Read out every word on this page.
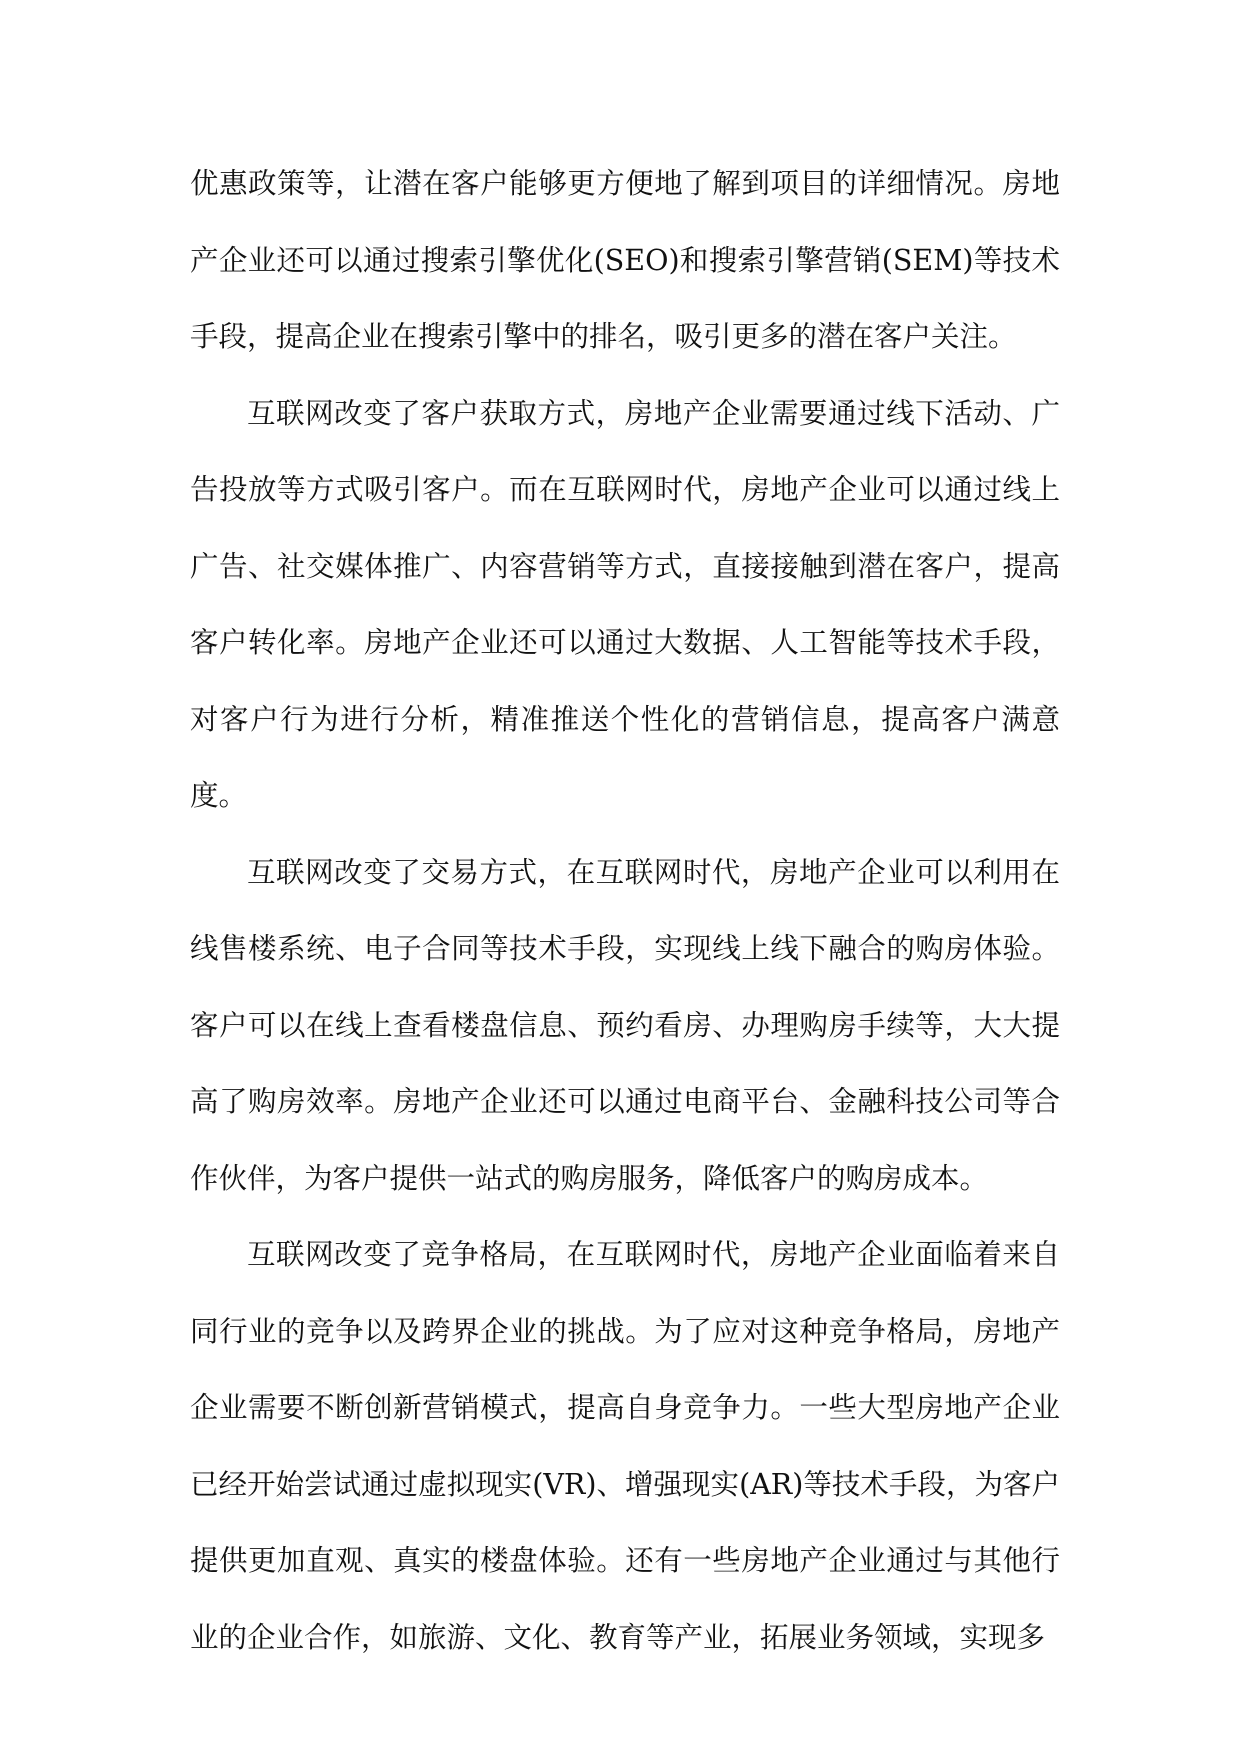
优惠政策等，让潜在客户能够更方便地了解到项目的详细情况。房地产企业还可以通过搜索引擎优化(SEO)和搜索引擎营销(SEM)等技术手段，提高企业在搜索引擎中的排名，吸引更多的潜在客户关注。

互联网改变了客户获取方式，房地产企业需要通过线下活动、广告投放等方式吸引客户。而在互联网时代，房地产企业可以通过线上广告、社交媒体推广、内容营销等方式，直接接触到潜在客户，提高客户转化率。房地产企业还可以通过大数据、人工智能等技术手段，对客户行为进行分析，精准推送个性化的营销信息，提高客户满意度。

互联网改变了交易方式，在互联网时代，房地产企业可以利用在线售楼系统、电子合同等技术手段，实现线上线下融合的购房体验。客户可以在线上查看楼盘信息、预约看房、办理购房手续等，大大提高了购房效率。房地产企业还可以通过电商平台、金融科技公司等合作伙伴，为客户提供一站式的购房服务，降低客户的购房成本。

互联网改变了竞争格局，在互联网时代，房地产企业面临着来自同行业的竞争以及跨界企业的挑战。为了应对这种竞争格局，房地产企业需要不断创新营销模式，提高自身竞争力。一些大型房地产企业已经开始尝试通过虚拟现实(VR)、增强现实(AR)等技术手段，为客户提供更加直观、真实的楼盘体验。还有一些房地产企业通过与其他行业的企业合作，如旅游、文化、教育等产业，拓展业务领域，实现多
